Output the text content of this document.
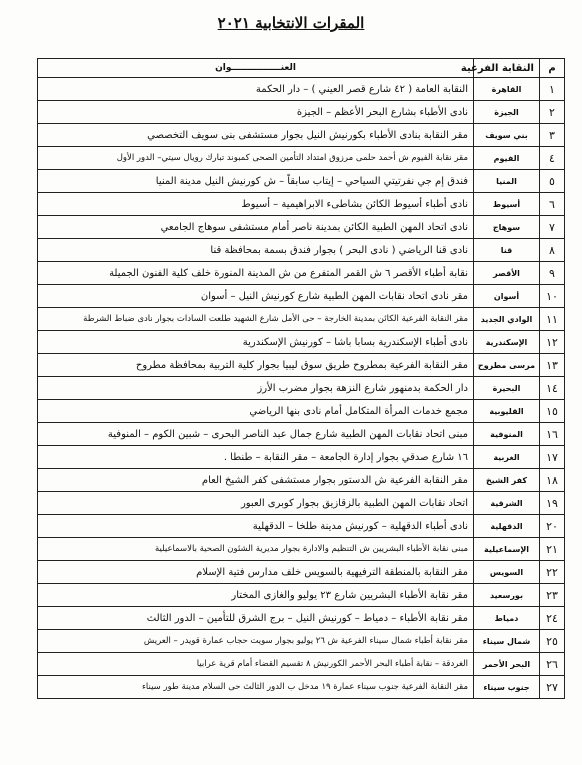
المقرات الانتخابية ٢٠٢١
م	النقابة الفرعية	العنــــــــــــــــوان
١	القاهرة	النقابة العامة ( ٤٢ شارع قصر العيني ) – دار الحكمة
٢	الجيزة	نادى الأطباء بشارع البحر الأعظم – الجيزة
٣	بني سويف	مقر النقابة بنادى الأطباء بكورنيش النيل بجوار مستشفى بنى سويف التخصصي
٤	الفيوم	مقر نقابة الفيوم ش أحمد حلمى مرزوق امتداد التأمين الصحى كمبوند تبارك رويال سيتي– الدور الأول
٥	المنيا	فندق إم جي نفرتيتي السياحي – إيتاب سابقاً – ش كورنيش النيل مدينة المنيا
٦	أسيوط	نادى أطباء أسيوط الكائن بشاطىء الابراهيمية – أسيوط
٧	سوهاج	نادى اتحاد المهن الطبية الكائن بمدينة ناصر أمام مستشفى سوهاج الجامعي
٨	قنا	نادى قنا الرياضي ( نادى البحر ) بجوار فندق بسمة بمحافظة قنا
٩	الأقصر	نقابة أطباء الأقصر ٦ ش القمر المتفرع من ش المدينة المنورة خلف كلية الفنون الجميلة
١٠	أسوان	مقر نادى اتحاد نقابات المهن الطبية شارع كورنيش النيل – أسوان
١١	الوادي الجديد	مقر النقابة الفرعية الكائن بمدينة الخارجة – حى الأمل شارع الشهيد طلعت السادات بجوار نادى ضباط الشرطة
١٢	الإسكندرية	نادى أطباء الإسكندرية بسابا باشا – كورنيش الإسكندرية
١٣	مرسى مطروح	مقر النقابة الفرعية بمطروح طريق سوق ليبيا بجوار كلية التربية بمحافظة مطروح
١٤	البحيرة	دار الحكمة بدمنهور شارع النزهة بجوار مضرب الأرز
١٥	القليوبية	مجمع خدمات المرأة المتكامل أمام نادى بنها الرياضي
١٦	المنوفية	مبنى اتحاد نقابات المهن الطبية شارع جمال عبد الناصر البحرى – شبين الكوم – المنوفية
١٧	الغربية	١٦ شارع صدقي بجوار إدارة الجامعة – مقر النقابة – طنطا .
١٨	كفر الشيخ	مقر النقابة الفرعية ش الدستور بجوار مستشفى كفر الشيخ العام
١٩	الشرقية	اتحاد نقابات المهن الطبية بالزقازيق بجوار كوبرى العبور
٢٠	الدقهلية	نادى أطباء الدقهلية – كورنيش مدينة طلخا – الدقهلية
٢١	الإسماعيلية	مبنى نقابة الأطباء البشريين ش التنظيم والادارة بجوار مديرية الشئون الصحية بالاسماعيلية
٢٢	السويس	مقر النقابة بالمنطقة الترفيهية بالسويس خلف مدارس فتية الإسلام
٢٣	بورسعيد	مقر نقابة الأطباء البشريين شارع ٢٣ يوليو والغازى المختار
٢٤	دمياط	مقر نقابة الأطباء – دمياط – كورنيش النيل – برج الشرق للتأمين – الدور الثالث
٢٥	شمال سيناء	مقر نقابة أطباء شمال سيناء الفرعية ش ٢٦ يوليو بجوار سويت حجاب عمارة قويدر – العريش
٢٦	البحر الأحمر	الغردقة – نقابة أطباء البحر الأحمر الكورنيش ٨ تقسيم القضاء أمام قرية عرابيا
٢٧	جنوب سيناء	مقر النقابة الفرعية جنوب سيناء عمارة ١٩ مدخل ب الدور الثالث حى السلام مدينة طور سيناء
